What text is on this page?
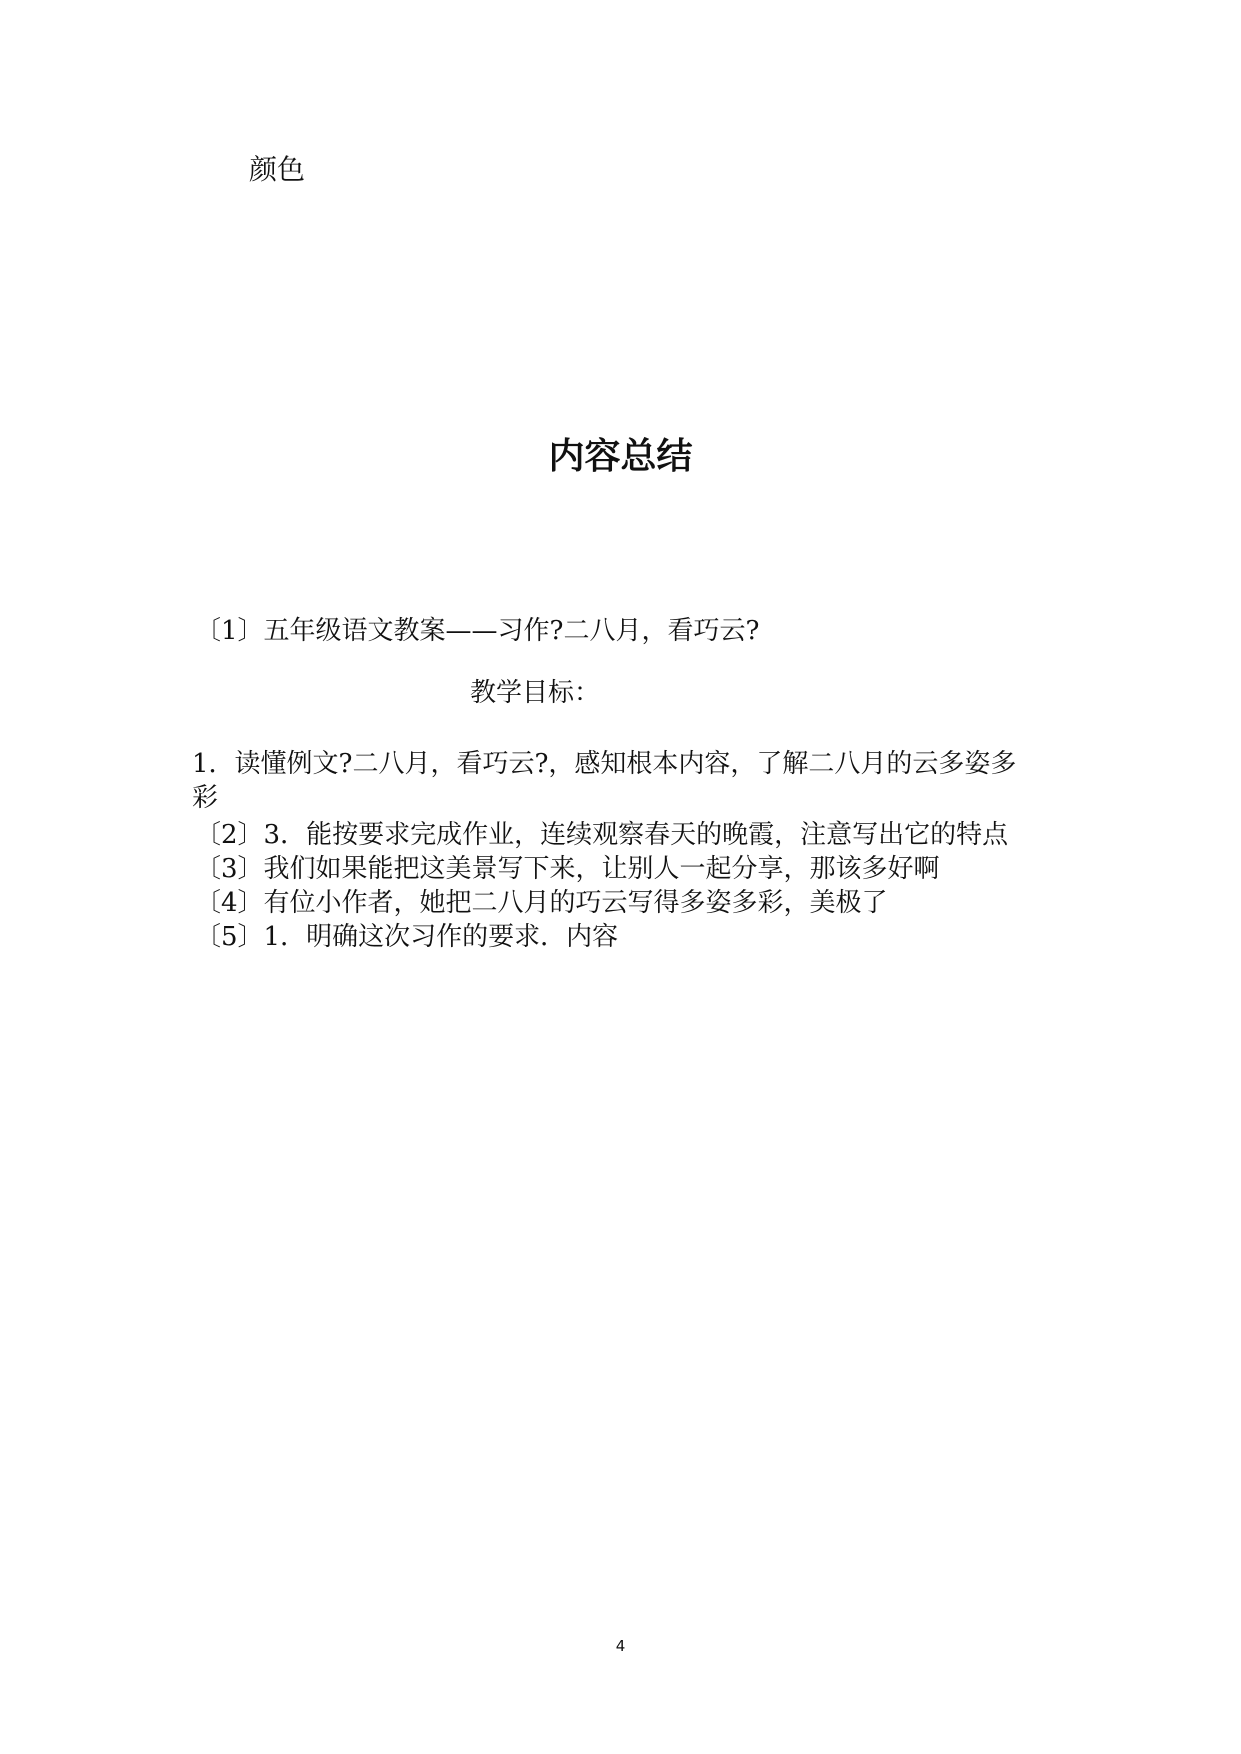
颜色
内容总结
〔1〕五年级语文教案——习作?二八月，看巧云?
教学目标：
1．读懂例文?二八月，看巧云?，感知根本内容，了解二八月的云多姿多
彩
〔2〕3．能按要求完成作业，连续观察春天的晚霞，注意写出它的特点
〔3〕我们如果能把这美景写下来，让别人一起分享，那该多好啊
〔4〕有位小作者，她把二八月的巧云写得多姿多彩，美极了
〔5〕1．明确这次习作的要求．内容
4
